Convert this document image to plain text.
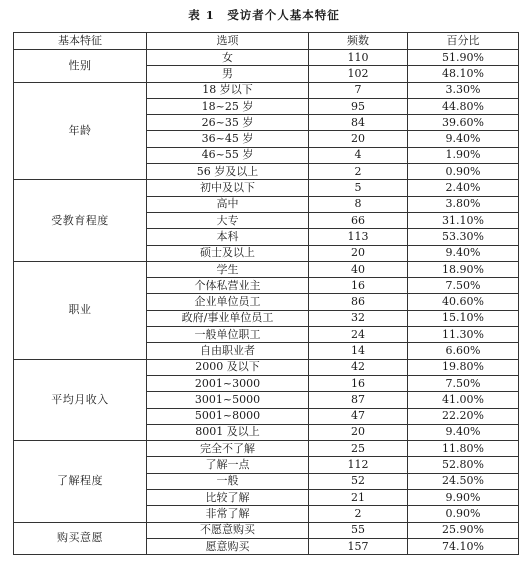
表 1　受访者个人基本特征
基本特征	选项	频数	百分比
性别	女	110	51.90%
	男	102	48.10%
年龄	18 岁以下	7	3.30%
	18~25 岁	95	44.80%
	26~35 岁	84	39.60%
	36~45 岁	20	9.40%
	46~55 岁	4	1.90%
	56 岁及以上	2	0.90%
受教育程度	初中及以下	5	2.40%
	高中	8	3.80%
	大专	66	31.10%
	本科	113	53.30%
	硕士及以上	20	9.40%
职业	学生	40	18.90%
	个体私营业主	16	7.50%
	企业单位员工	86	40.60%
	政府/事业单位员工	32	15.10%
	一般单位职工	24	11.30%
	自由职业者	14	6.60%
平均月收入	2000 及以下	42	19.80%
	2001~3000	16	7.50%
	3001~5000	87	41.00%
	5001~8000	47	22.20%
	8001 及以上	20	9.40%
了解程度	完全不了解	25	11.80%
	了解一点	112	52.80%
	一般	52	24.50%
	比较了解	21	9.90%
	非常了解	2	0.90%
购买意愿	不愿意购买	55	25.90%
	愿意购买	157	74.10%
